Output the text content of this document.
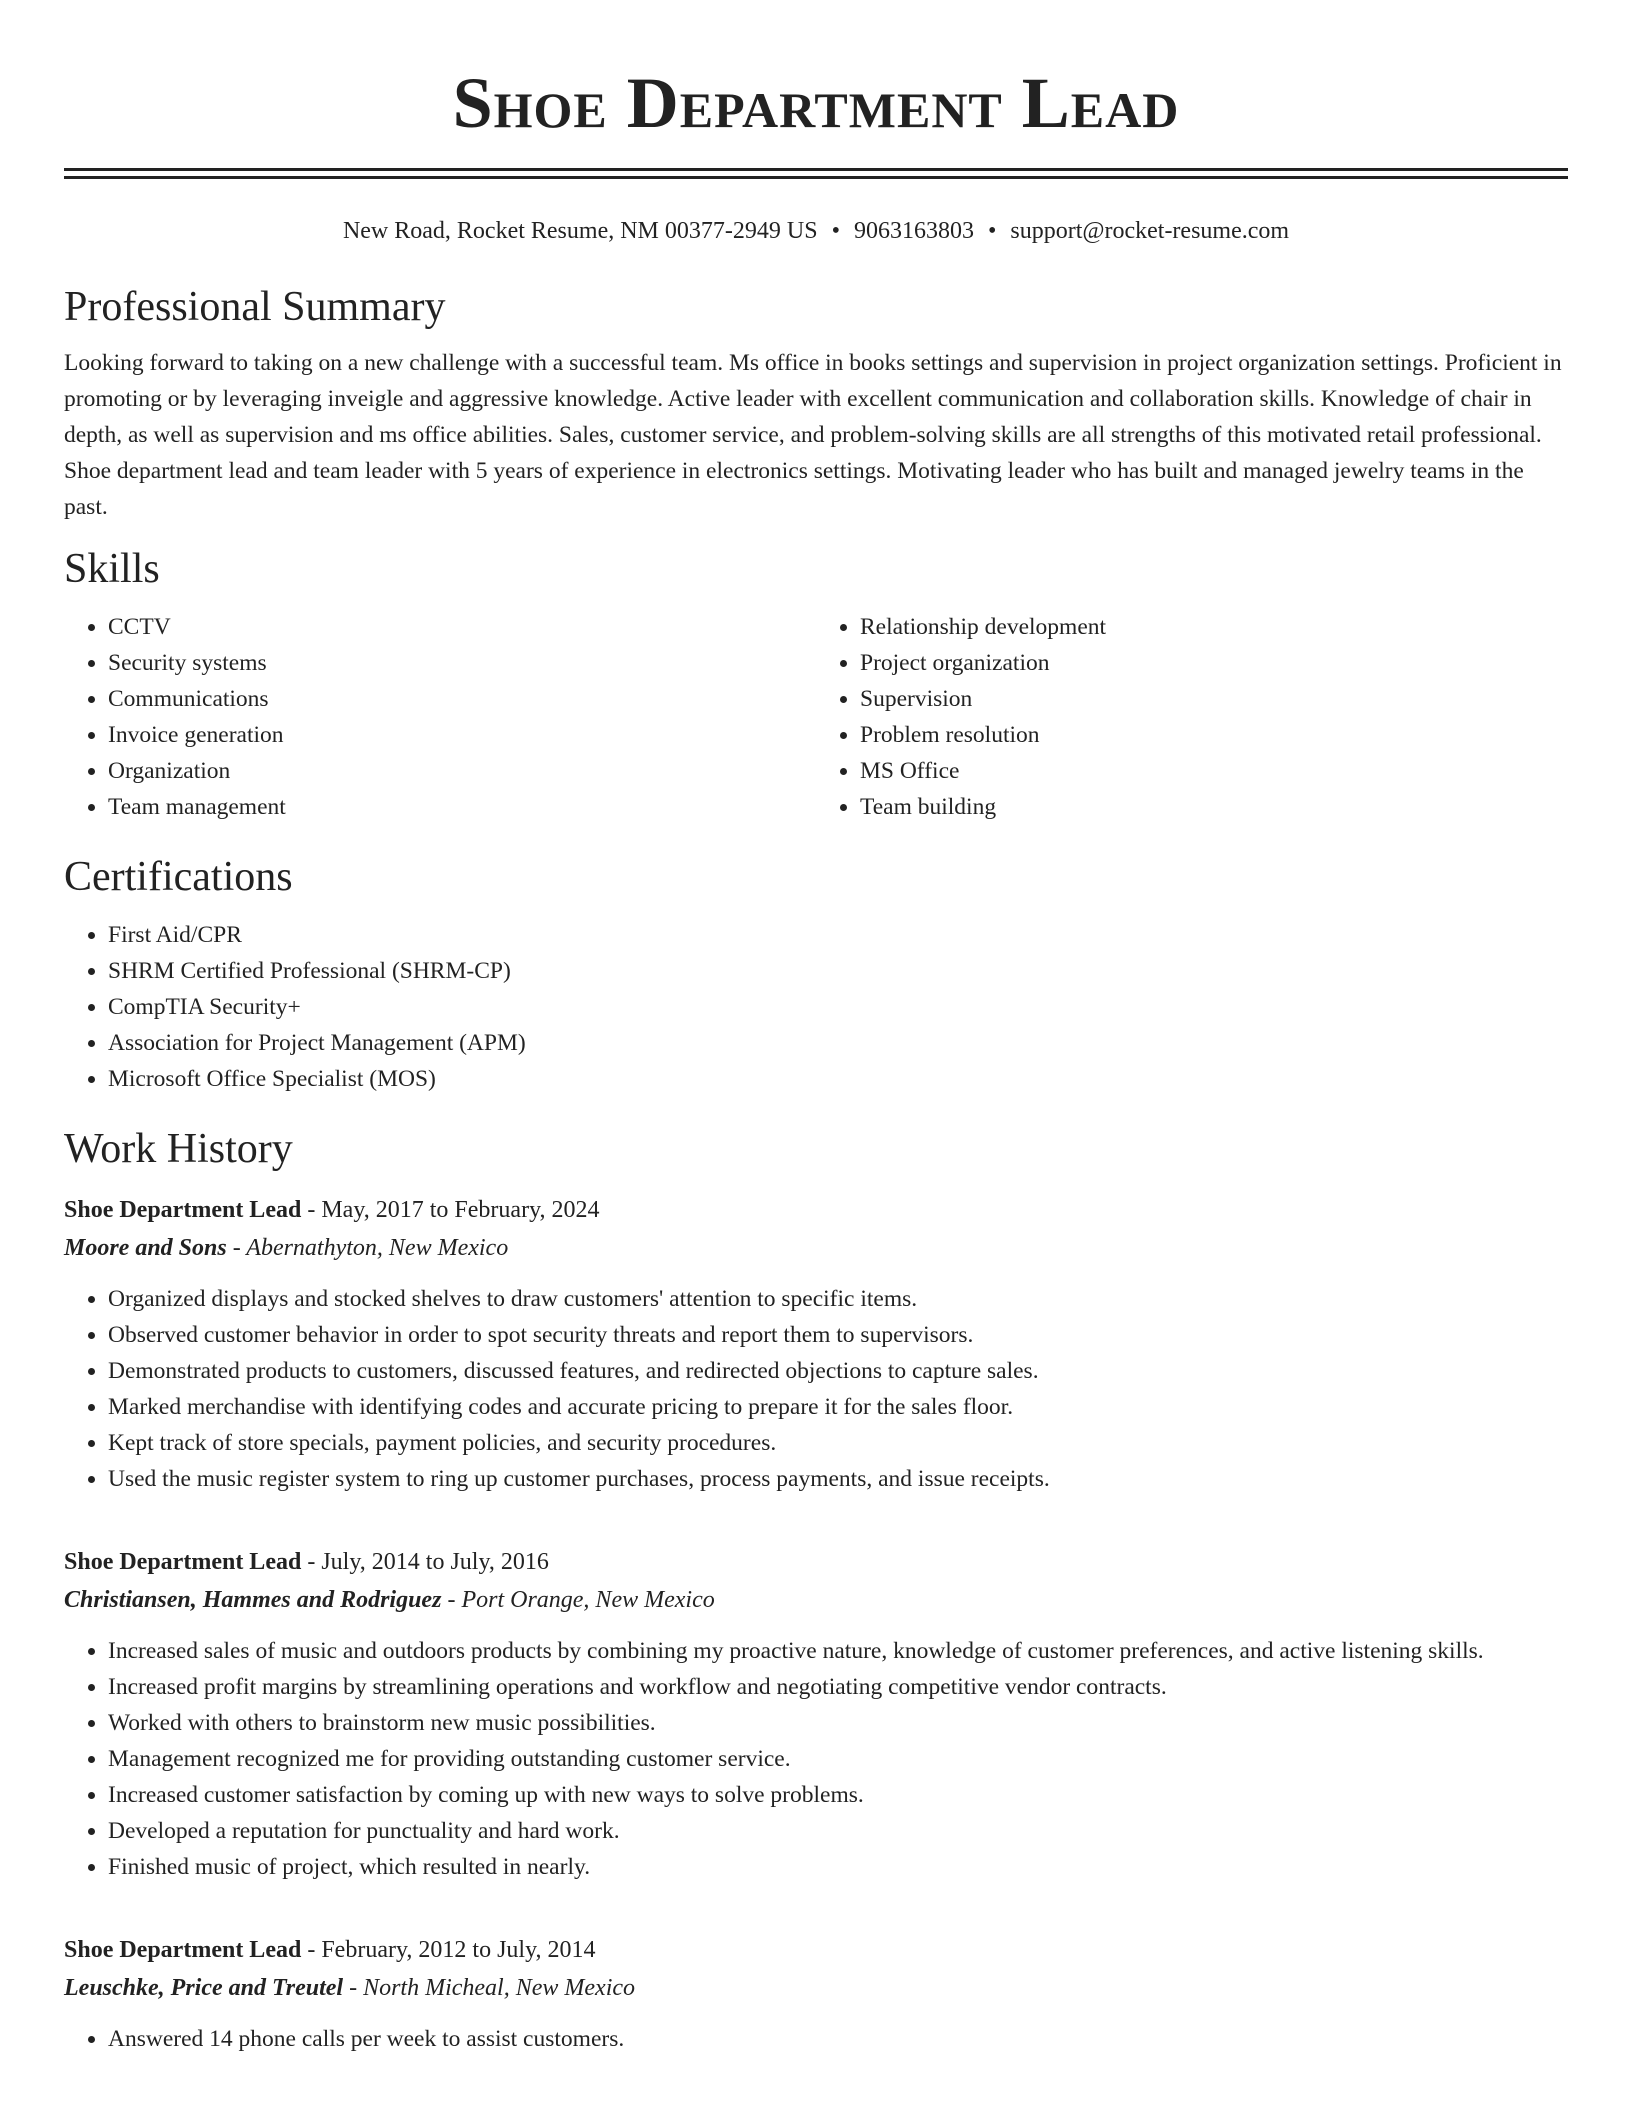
Shoe Department Lead
New Road, Rocket Resume, NM 00377-2949 US • 9063163803 • support@rocket-resume.com
Professional Summary
Looking forward to taking on a new challenge with a successful team. Ms office in books settings and supervision in project organization settings. Proficient in promoting or by leveraging inveigle and aggressive knowledge. Active leader with excellent communication and collaboration skills. Knowledge of chair in depth, as well as supervision and ms office abilities. Sales, customer service, and problem-solving skills are all strengths of this motivated retail professional. Shoe department lead and team leader with 5 years of experience in electronics settings. Motivating leader who has built and managed jewelry teams in the past.
Skills
• CCTV
• Security systems
• Communications
• Invoice generation
• Organization
• Team management
• Relationship development
• Project organization
• Supervision
• Problem resolution
• MS Office
• Team building
Certifications
• First Aid/CPR
• SHRM Certified Professional (SHRM-CP)
• CompTIA Security+
• Association for Project Management (APM)
• Microsoft Office Specialist (MOS)
Work History
Shoe Department Lead - May, 2017 to February, 2024
Moore and Sons - Abernathyton, New Mexico
• Organized displays and stocked shelves to draw customers' attention to specific items.
• Observed customer behavior in order to spot security threats and report them to supervisors.
• Demonstrated products to customers, discussed features, and redirected objections to capture sales.
• Marked merchandise with identifying codes and accurate pricing to prepare it for the sales floor.
• Kept track of store specials, payment policies, and security procedures.
• Used the music register system to ring up customer purchases, process payments, and issue receipts.
Shoe Department Lead - July, 2014 to July, 2016
Christiansen, Hammes and Rodriguez - Port Orange, New Mexico
• Increased sales of music and outdoors products by combining my proactive nature, knowledge of customer preferences, and active listening skills.
• Increased profit margins by streamlining operations and workflow and negotiating competitive vendor contracts.
• Worked with others to brainstorm new music possibilities.
• Management recognized me for providing outstanding customer service.
• Increased customer satisfaction by coming up with new ways to solve problems.
• Developed a reputation for punctuality and hard work.
• Finished music of project, which resulted in nearly.
Shoe Department Lead - February, 2012 to July, 2014
Leuschke, Price and Treutel - North Micheal, New Mexico
• Answered 14 phone calls per week to assist customers.
